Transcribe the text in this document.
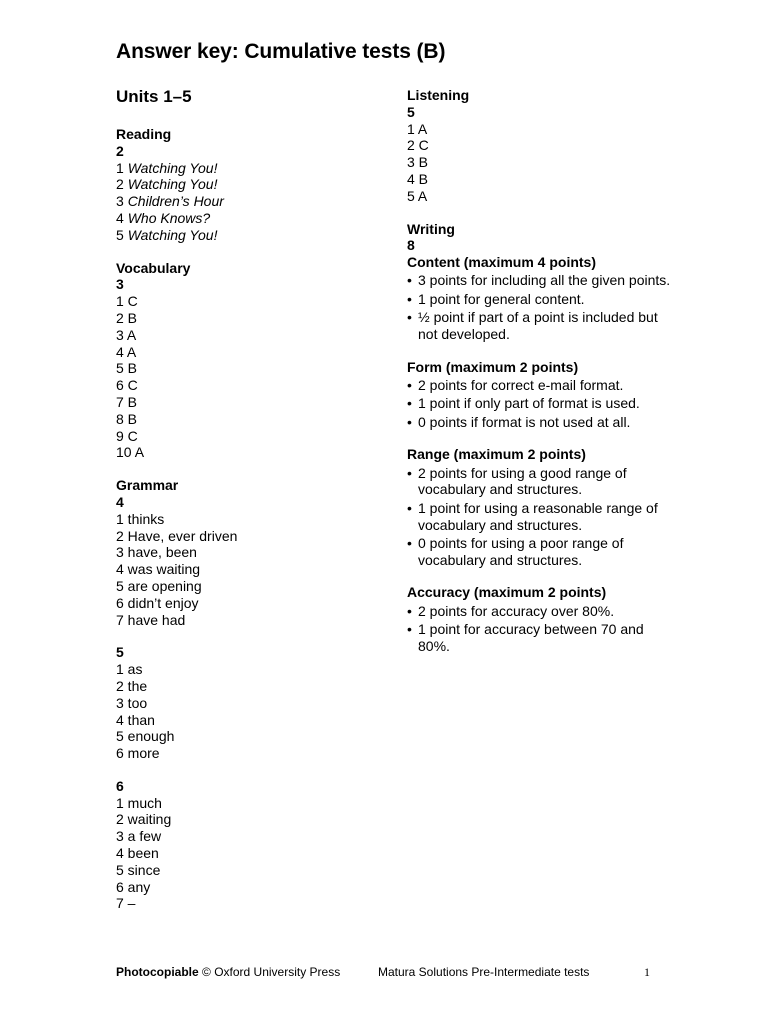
Answer key: Cumulative tests (B)
Units 1–5
Reading
2
1 Watching You!
2 Watching You!
3 Children’s Hour
4 Who Knows?
5 Watching You!
Vocabulary
3
1 C
2 B
3 A
4 A
5 B
6 C
7 B
8 B
9 C
10 A
Grammar
4
1 thinks
2 Have, ever driven
3 have, been
4 was waiting
5 are opening
6 didn’t enjoy
7 have had
5
1 as
2 the
3 too
4 than
5 enough
6 more
6
1 much
2 waiting
3 a few
4 been
5 since
6 any
7 –
Listening
5
1 A
2 C
3 B
4 B
5 A
Writing
8
Content (maximum 4 points)
• 3 points for including all the given points.
• 1 point for general content.
• ½ point if part of a point is included but not developed.
Form (maximum 2 points)
• 2 points for correct e-mail format.
• 1 point if only part of format is used.
• 0 points if format is not used at all.
Range (maximum 2 points)
• 2 points for using a good range of vocabulary and structures.
• 1 point for using a reasonable range of vocabulary and structures.
• 0 points for using a poor range of vocabulary and structures.
Accuracy (maximum 2 points)
• 2 points for accuracy over 80%.
• 1 point for accuracy between 70 and 80%.
Photocopiable © Oxford University Press	Matura Solutions Pre-Intermediate tests	1
